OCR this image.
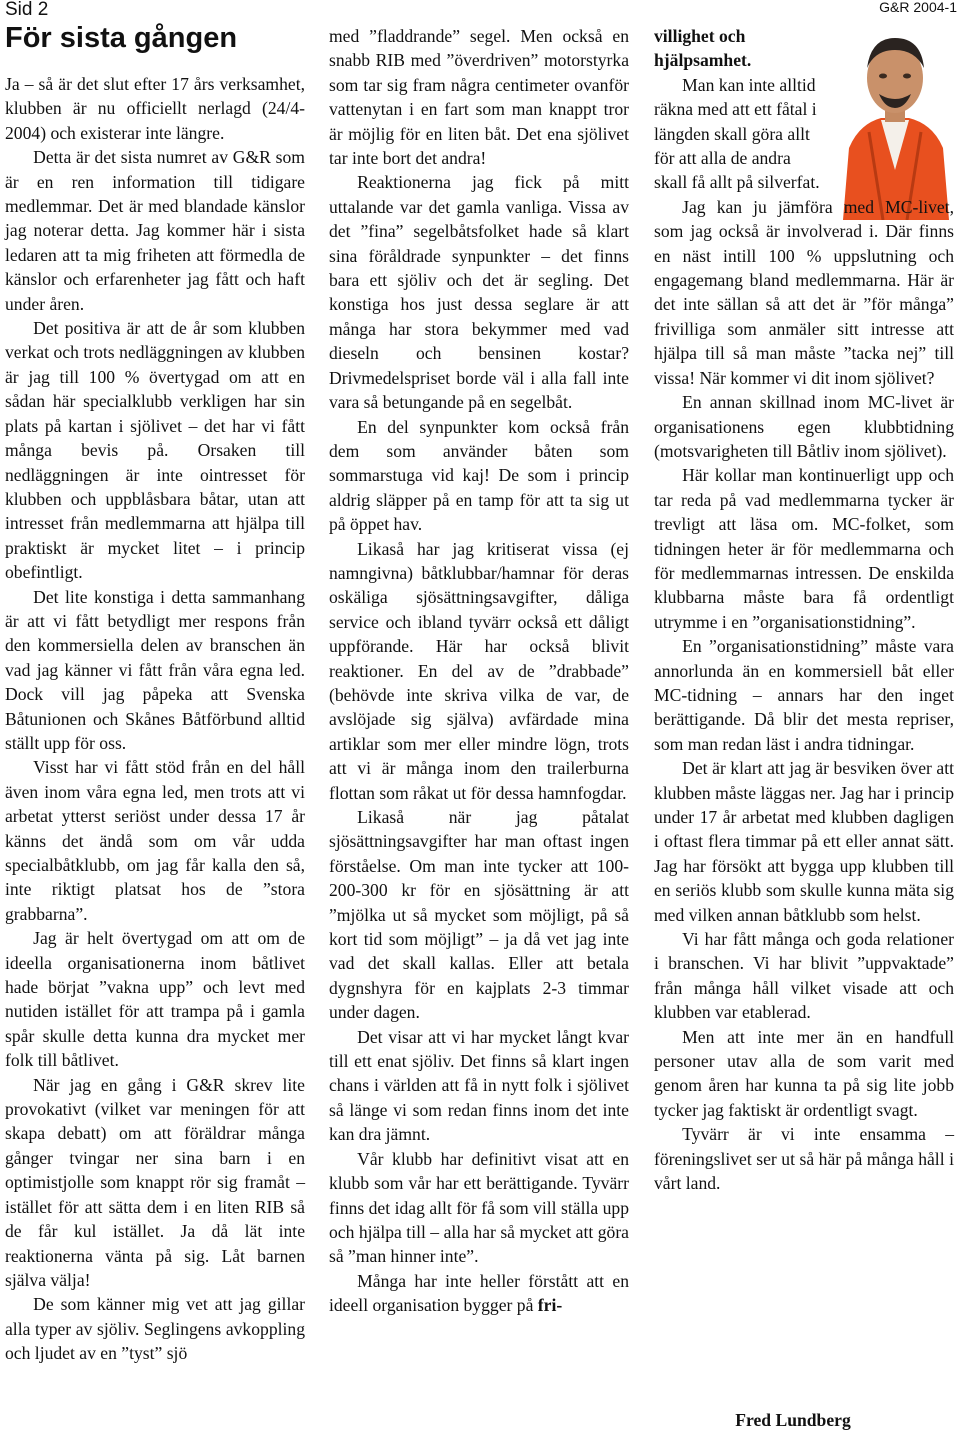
Sid 2	G&R 2004-1
För sista gången

Ja – så är det slut efter 17 års verksamhet, klubben är nu officiellt nerlagd (24/4-2004) och existerar inte längre.

Detta är det sista numret av G&R som är en ren information till tidigare medlemmar. Det är med blandade känslor jag noterar detta. Jag kommer här i sista ledaren att ta mig friheten att förmedla de känslor och erfarenheter jag fått och haft under åren.

Det positiva är att de år som klubben verkat och trots nedläggningen av klubben är jag till 100 % övertygad om att en sådan här specialklubb verkligen har sin plats på kartan i sjölivet – det har vi fått många bevis på. Orsaken till nedläggningen är inte ointresset för klubben och uppblåsbara båtar, utan att intresset från medlemmarna att hjälpa till praktiskt är mycket litet – i princip obefintligt.

Det lite konstiga i detta sammanhang är att vi fått betydligt mer respons från den kommersiella delen av branschen än vad jag känner vi fått från våra egna led. Dock vill jag påpeka att Svenska Båtunionen och Skånes Båtförbund alltid ställt upp för oss.

Visst har vi fått stöd från en del håll även inom våra egna led, men trots att vi arbetat ytterst seriöst under dessa 17 år känns det ändå som om vår udda specialbåtklubb, om jag får kalla den så, inte riktigt platsat hos de ”stora grabbarna”.

Jag är helt övertygad om att om de ideella organisationerna inom båtlivet hade börjat ”vakna upp” och levt med nutiden istället för att trampa på i gamla spår skulle detta kunna dra mycket mer folk till båtlivet.

När jag en gång i G&R skrev lite provokativt (vilket var meningen för att skapa debatt) om att föräldrar många gånger tvingar ner sina barn i en optimistjolle som knappt rör sig framåt – istället för att sätta dem i en liten RIB så de får kul istället. Ja då lät inte reaktionerna vänta på sig. Låt barnen själva välja!

De som känner mig vet att jag gillar alla typer av sjöliv. Seglingens avkoppling och ljudet av en ”tyst” sjö

med ”fladdrande” segel. Men också en snabb RIB med ”överdriven” motorstyrka som tar sig fram några centimeter ovanför vattenytan i en fart som man knappt tror är möjlig för en liten båt. Det ena sjölivet tar inte bort det andra!

Reaktionerna jag fick på mitt uttalande var det gamla vanliga. Vissa av det ”fina” segelbåtsfolket hade så klart sina föråldrade synpunkter – det finns bara ett sjöliv och det är segling. Det konstiga hos just dessa seglare är att många har stora bekymmer med vad dieseln och bensinen kostar? Drivmedelspriset borde väl i alla fall inte vara så betungande på en segelbåt.

En del synpunkter kom också från dem som använder båten som sommarstuga vid kaj! De som i princip aldrig släpper på en tamp för att ta sig ut på öppet hav.

Likaså har jag kritiserat vissa (ej namngivna) båtklubbar/hamnar för deras oskäliga sjösättningsavgifter, dåliga service och ibland tyvärr också ett dåligt uppförande. Här har också blivit reaktioner. En del av de ”drabbade” (behövde inte skriva vilka de var, de avslöjade sig själva) avfärdade mina artiklar som mer eller mindre lögn, trots att vi är många inom den trailerburna flottan som råkat ut för dessa hamnfogdar.

Likaså när jag påtalat sjösättningsavgifter har man oftast ingen förståelse. Om man inte tycker att 100-200-300 kr för en sjösättning är att ”mjölka ut så mycket som möjligt, på så kort tid som möjligt” – ja då vet jag inte vad det skall kallas. Eller att betala dygnshyra för en kajplats 2-3 timmar under dagen.

Det visar att vi har mycket långt kvar till ett enat sjöliv. Det finns så klart ingen chans i världen att få in nytt folk i sjölivet så länge vi som redan finns inom det inte kan dra jämnt.

Vår klubb har definitivt visat att en klubb som vår har ett berättigande. Tyvärr finns det idag allt för få som vill ställa upp och hjälpa till – alla har så mycket att göra så ”man hinner inte”.

Många har inte heller förstått att en ideell organisation bygger på fri-

villighet och hjälpsamhet.

Man kan inte alltid räkna med att ett fåtal i längden skall göra allt för att alla de andra skall få allt på silverfat.

Jag kan ju jämföra med MC-livet, som jag också är involverad i. Där finns en näst intill 100 % uppslutning och engagemang bland medlemmarna. Här är det inte sällan så att det är ”för många” frivilliga som anmäler sitt intresse att hjälpa till så man måste ”tacka nej” till vissa! När kommer vi dit inom sjölivet?

En annan skillnad inom MC-livet är organisationens egen klubbtidning (motsvarigheten till Båtliv inom sjölivet).

Här kollar man kontinuerligt upp och tar reda på vad medlemmarna tycker är trevligt att läsa om. MC-folket, som tidningen heter är för medlemmarna och för medlemmarnas intressen. De enskilda klubbarna måste bara få ordentligt utrymme i en ”organisationstidning”.

En ”organisationstidning” måste vara annorlunda än en kommersiell båt eller MC-tidning – annars har den inget berättigande. Då blir det mesta repriser, som man redan läst i andra tidningar.

Det är klart att jag är besviken över att klubben måste läggas ner. Jag har i princip under 17 år arbetat med klubben dagligen i oftast flera timmar på ett eller annat sätt. Jag har försökt att bygga upp klubben till en seriös klubb som skulle kunna mäta sig med vilken annan båtklubb som helst.

Vi har fått många och goda relationer i branschen. Vi har blivit ”uppvaktade” från många håll vilket visade att och klubben var etablerad.

Men att inte mer än en handfull personer utav alla de som varit med genom åren har kunna ta på sig lite jobb tycker jag faktiskt är ordentligt svagt.

Tyvärr är vi inte ensamma – föreningslivet ser ut så här på många håll i vårt land.

Fred Lundberg
